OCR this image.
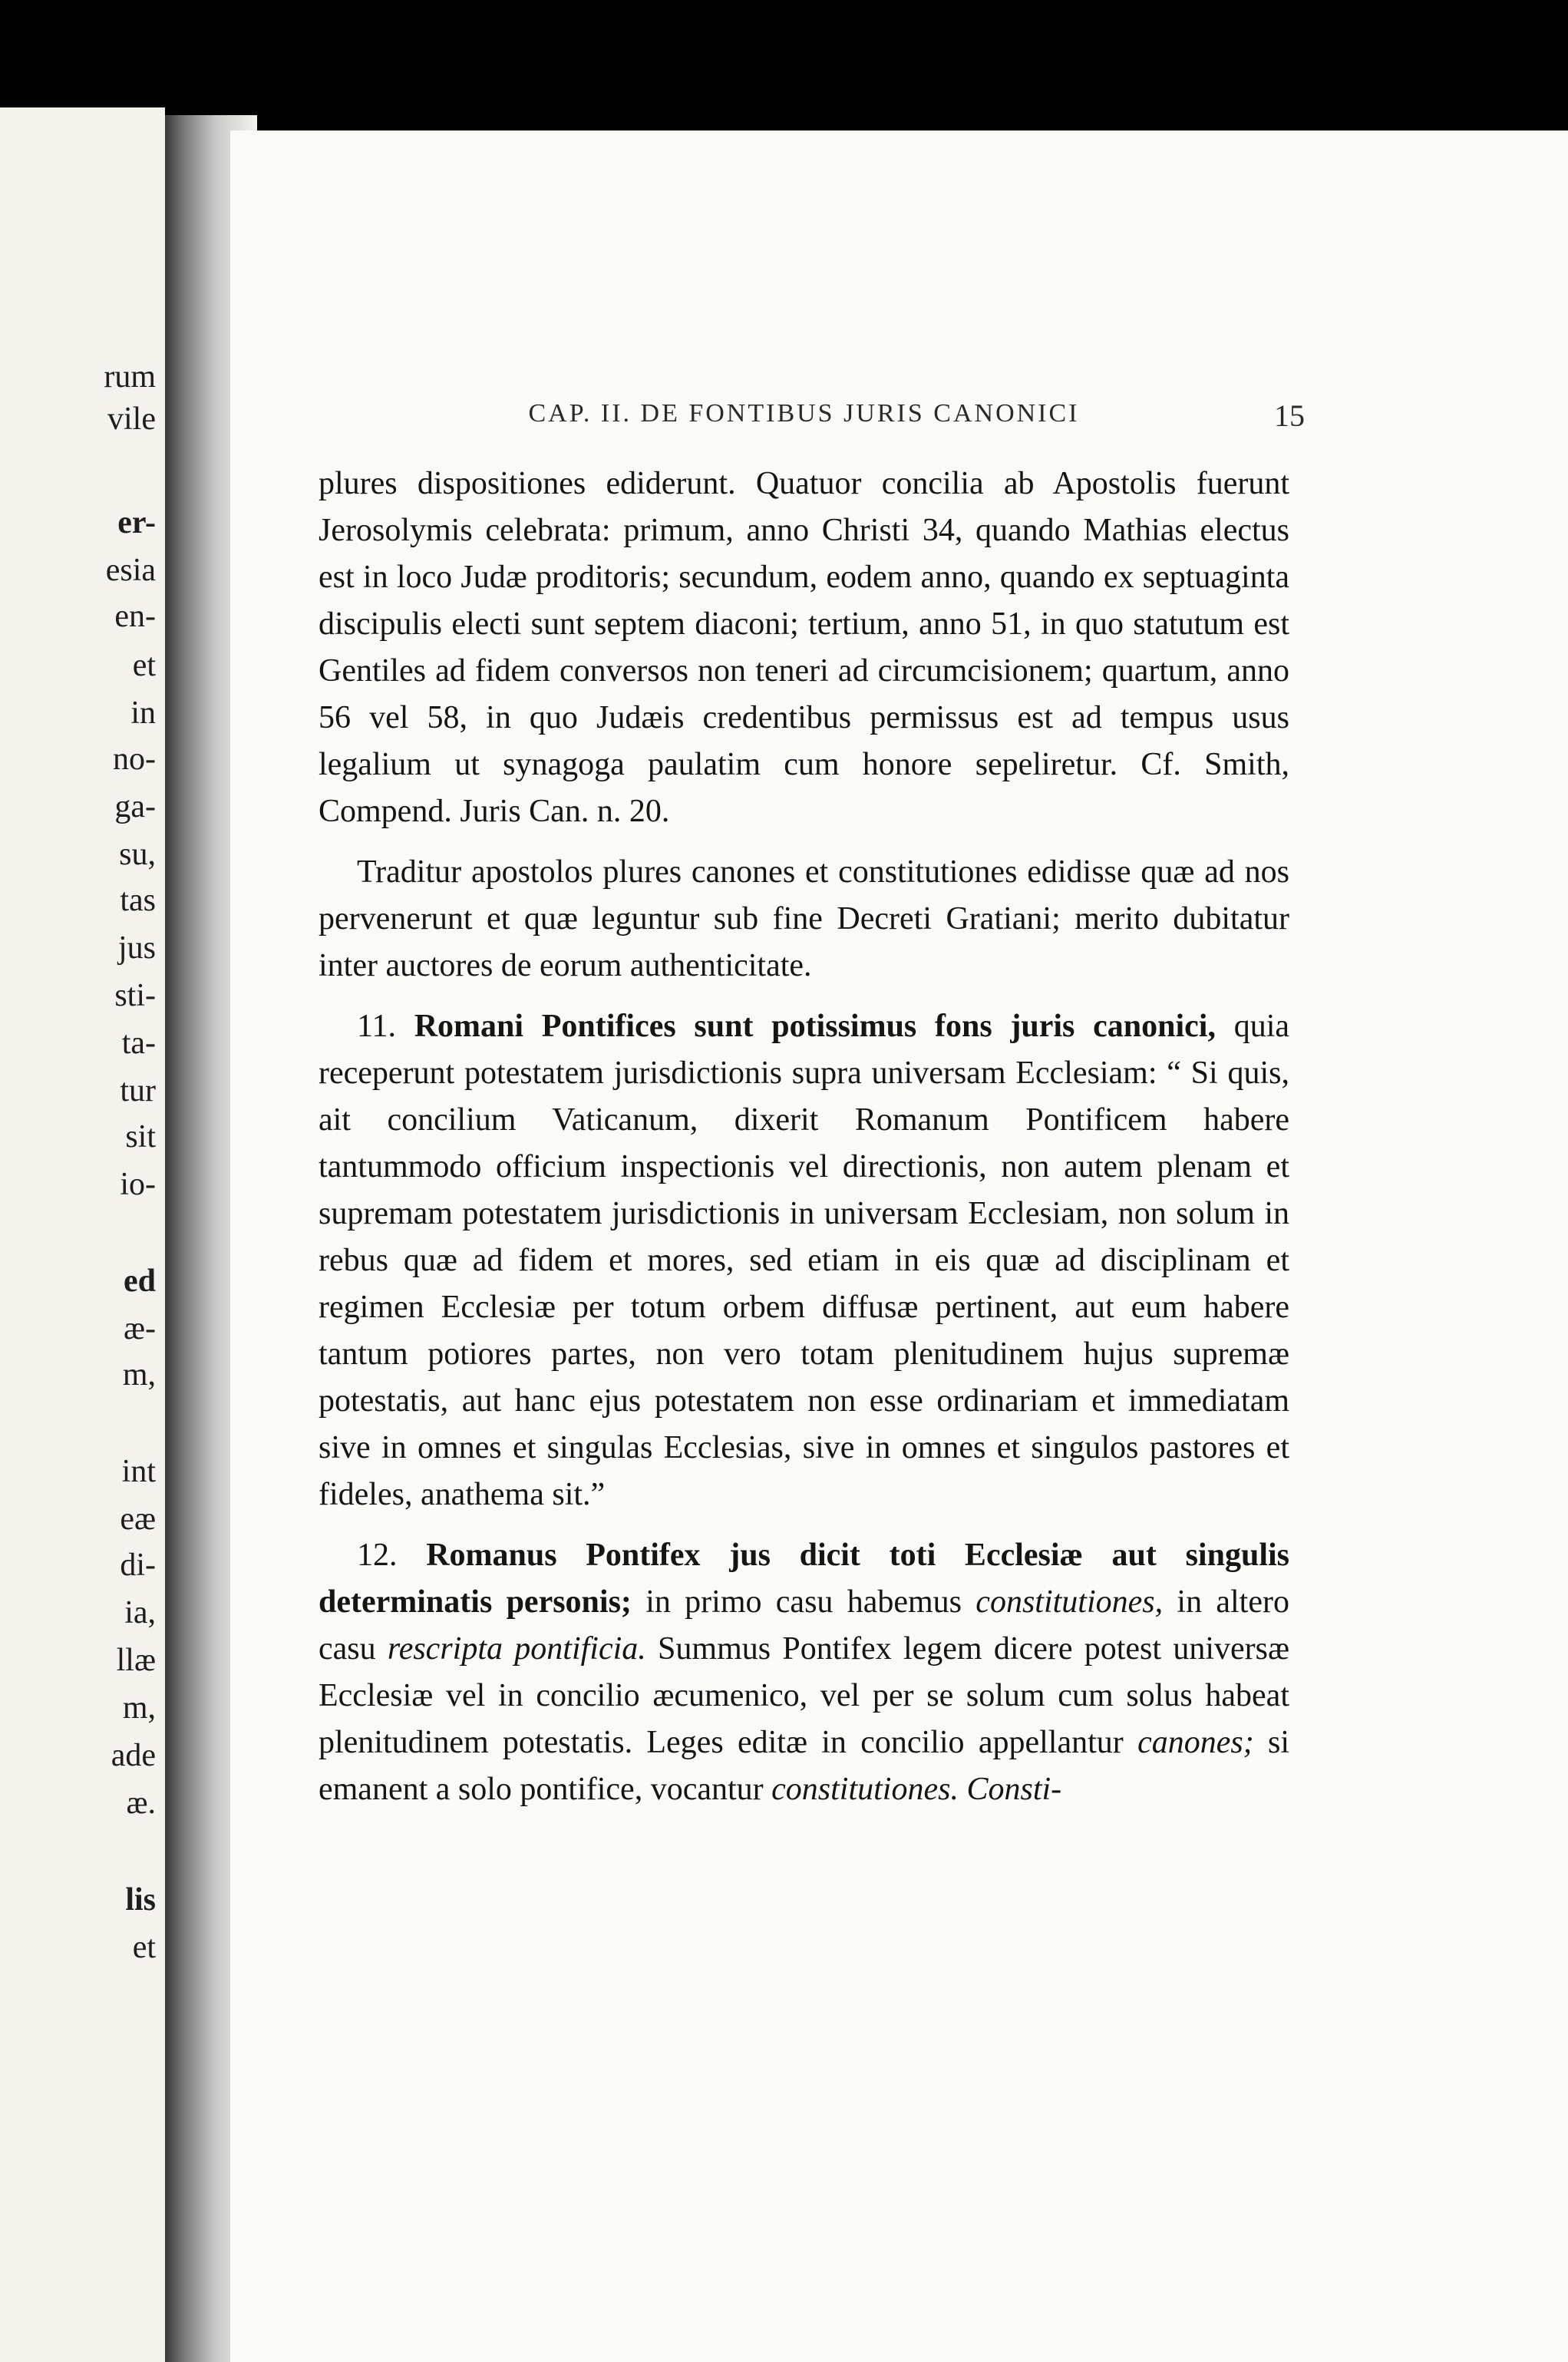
rum
vile
er-
esia
en-
et
in
no-
ga-
su,
tas
jus
sti-
ta-
tur
sit
io-
ed
æ-
m,
int
eæ
di-
ia,
llæ
m,
ade
æ.
lis
et
CAP. II. DE FONTIBUS JURIS CANONICI	15

plures dispositiones ediderunt. Quatuor concilia ab Apostolis fuerunt Jerosolymis celebrata: primum, anno Christi 34, quando Mathias electus est in loco Judæ proditoris; secundum, eodem anno, quando ex septuaginta discipulis electi sunt septem diaconi; tertium, anno 51, in quo statutum est Gentiles ad fidem conversos non teneri ad circumcisionem; quartum, anno 56 vel 58, in quo Judæis credentibus permissus est ad tempus usus legalium ut synagoga paulatim cum honore sepeliretur. Cf. Smith, Compend. Juris Can. n. 20.

Traditur apostolos plures canones et constitutiones edidisse quæ ad nos pervenerunt et quæ leguntur sub fine Decreti Gratiani; merito dubitatur inter auctores de eorum authenticitate.

11. Romani Pontifices sunt potissimus fons juris canonici, quia receperunt potestatem jurisdictionis supra universam Ecclesiam: “ Si quis, ait concilium Vaticanum, dixerit Romanum Pontificem habere tantummodo officium inspectionis vel directionis, non autem plenam et supremam potestatem jurisdictionis in universam Ecclesiam, non solum in rebus quæ ad fidem et mores, sed etiam in eis quæ ad disciplinam et regimen Ecclesiæ per totum orbem diffusæ pertinent, aut eum habere tantum potiores partes, non vero totam plenitudinem hujus supremæ potestatis, aut hanc ejus potestatem non esse ordinariam et immediatam sive in omnes et singulas Ecclesias, sive in omnes et singulos pastores et fideles, anathema sit.”

12. Romanus Pontifex jus dicit toti Ecclesiæ aut singulis determinatis personis; in primo casu habemus constitutiones, in altero casu rescripta pontificia. Summus Pontifex legem dicere potest universæ Ecclesiæ vel in concilio æcumenico, vel per se solum cum solus habeat plenitudinem potestatis. Leges editæ in concilio appellantur canones; si emanent a solo pontifice, vocantur constitutiones. Consti-
